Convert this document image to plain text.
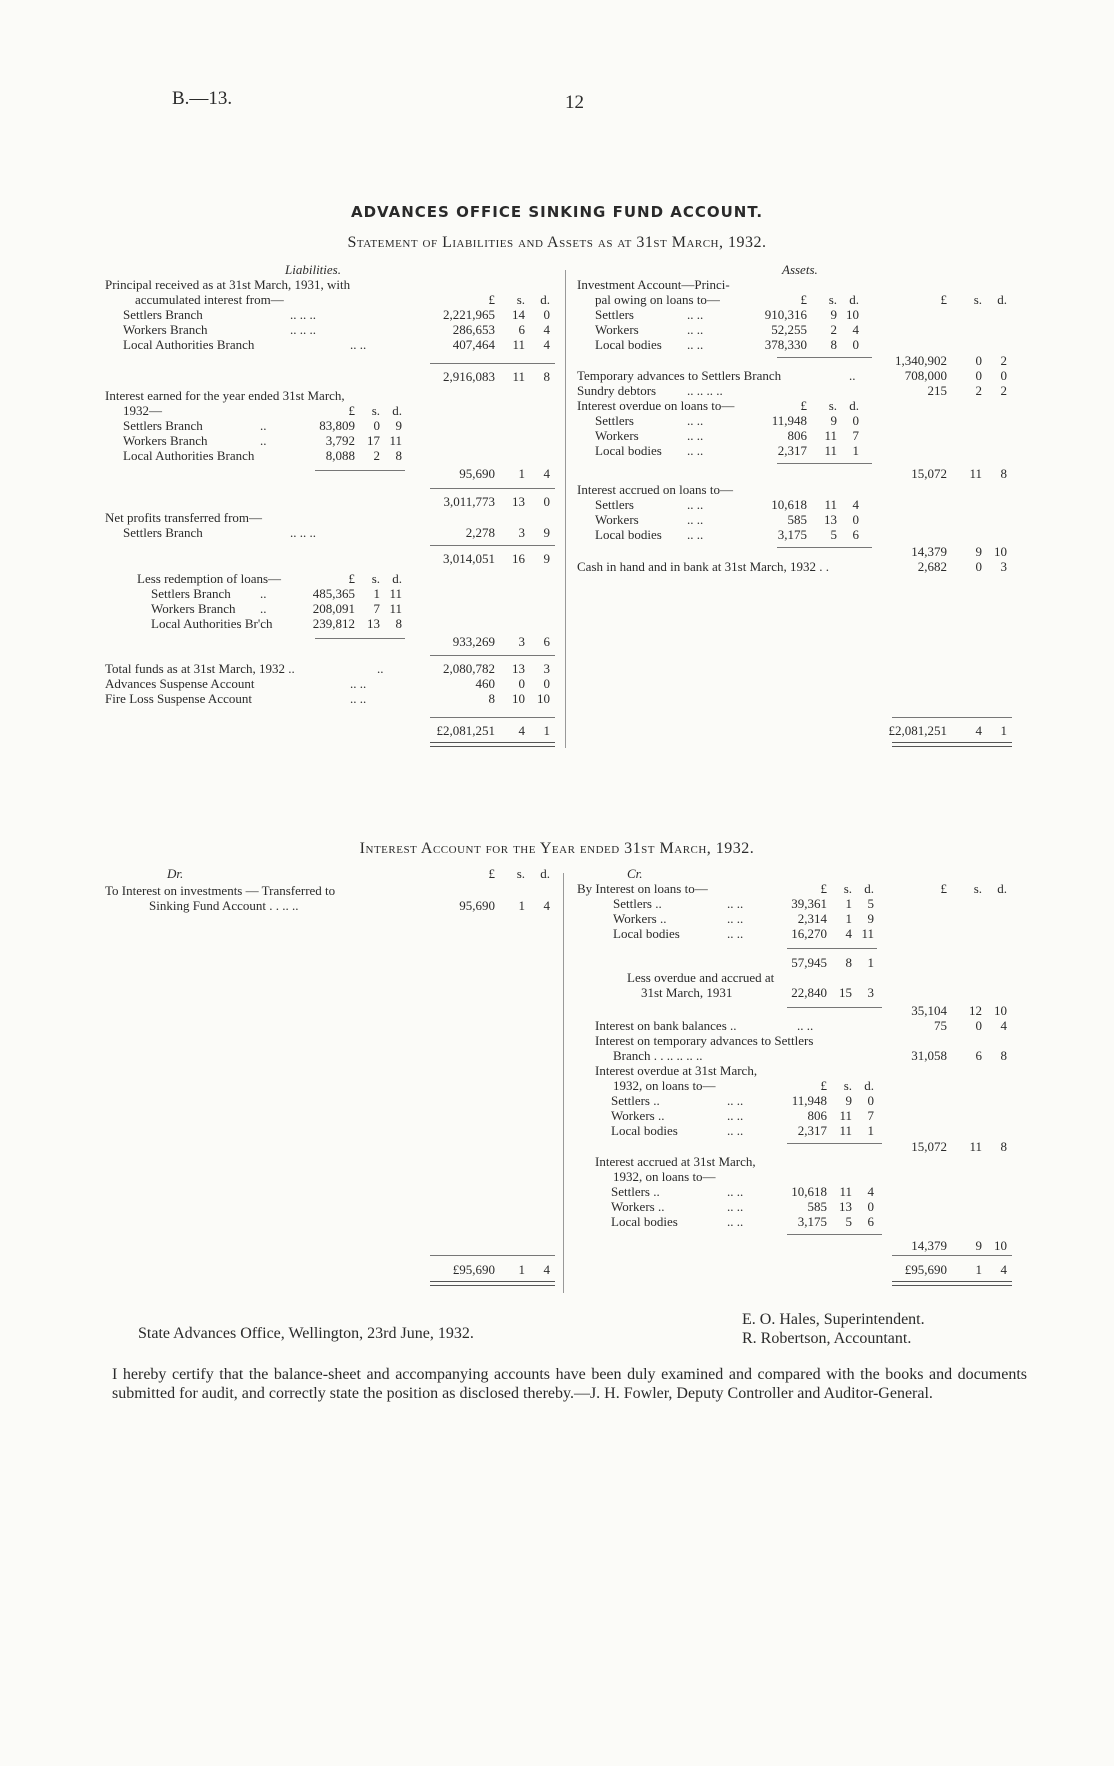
B.—13.	12
ADVANCES OFFICE SINKING FUND ACCOUNT.
Statement of Liabilities and Assets as at 31st March, 1932.
Liabilities.
Principal received as at 31st March, 1931, with
accumulated interest from—	£	s.	d.
Settlers Branch	.. .. ..	2,221,965	14	0
Workers Branch	.. .. ..	286,653	6	4
Local Authorities Branch	.. ..	407,464	11	4
2,916,083	11	8
Interest earned for the year ended 31st March,
1932—	£	s. d.
Settlers Branch	..	83,809	0	9
Workers Branch	..	3,792 17 11
Local Authorities Branch	8,088	2	8
95,690	1	4
3,011,773	13	0
Net profits transferred from—
Settlers Branch	.. .. ..	2,278	3	9
3,014,051	16	9
Less redemption of loans—	£	s. d.
Settlers Branch ..	485,365	1 11
Workers Branch ..	208,091	7 11
Local Authorities Br'ch	239,812 13	8
933,269	3	6
Total funds as at 31st March, 1932 ..	..	2,080,782	13	3
Advances Suspense Account	.. ..	460	0	0
Fire Loss Suspense Account	.. ..	8	10 10
£2,081,251	4	1
Assets.
Investment Account—Princi-
pal owing on loans to—	£	s. d.	£	s.	d.
Settlers	.. ..	910,316	9 10
Workers	.. ..	52,255	2	4
Local bodies .. ..	378,330	8	0
1,340,902	0	2
Temporary advances to Settlers Branch	..	708,000	0	0
Sundry debtors .. .. .. ..	215	2	2
Interest overdue on loans to—	£	s. d.
Settlers	.. ..	11,948	9	0
Workers	.. ..	806	11	7
Local bodies .. ..	2,317	11	1
15,072	11	8
Interest accrued on loans to—
Settlers	.. ..	10,618	11	4
Workers	.. ..	585	13	0
Local bodies .. ..	3,175	5	6
14,379	9 10
Cash in hand and in bank at 31st March, 1932 . .	2,682	0	3
£2,081,251	4	1
Interest Account for the Year ended 31st March, 1932.
Dr.	£	s.	d.
To Interest on investments — Transferred to
Sinking Fund Account . . .. ..	95,690	1	4
£95,690	1	4
Cr.
By Interest on loans to—	£	s. d.	£	s.	d.
Settlers ..	.. ..	39,361	1	5
Workers ..	.. ..	2,314	1	9
Local bodies	.. ..	16,270	4 11
57,945	8	1
Less overdue and accrued at
31st March, 1931	22,840 15	3
35,104	12 10
Interest on bank balances ..	.. ..	75	0	4
Interest on temporary advances to Settlers
Branch . . .. .. .. ..	31,058	6	8
Interest overdue at 31st March,
1932, on loans to—	£	s. d.
Settlers ..	.. ..	11,948	9	0
Workers ..	.. ..	806 11	7
Local bodies	.. ..	2,317 11	1
15,072	11	8
Interest accrued at 31st March,
1932, on loans to—
Settlers ..	.. ..	10,618 11	4
Workers ..	.. ..	585 13	0
Local bodies	.. ..	3,175	5	6
14,379	9 10
£95,690	1	4
State Advances Office, Wellington, 23rd June, 1932.
E. O. Hales, Superintendent.
R. Robertson, Accountant.
I hereby certify that the balance-sheet and accompanying accounts have been duly examined and compared with the books and documents submitted for audit, and correctly state the position as disclosed thereby.—J. H. Fowler, Deputy Controller and Auditor-General.
